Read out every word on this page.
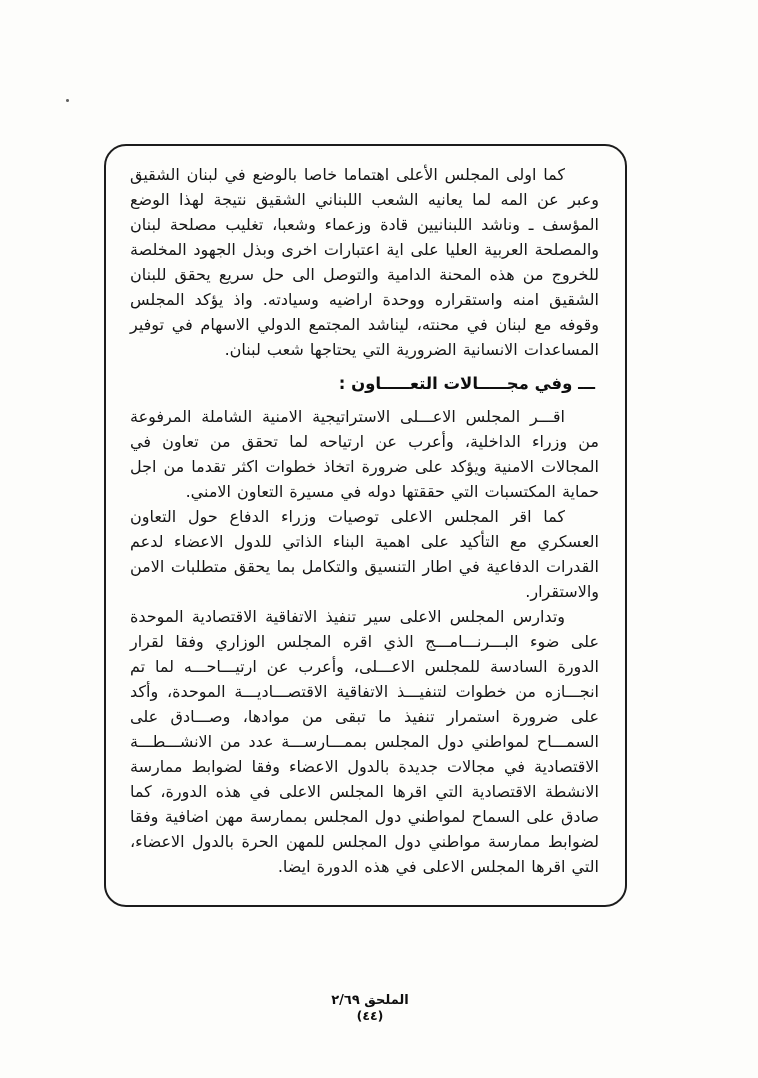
كما اولى المجلس الأعلى اهتماما خاصا بالوضع في لبنان الشقيق وعبر عن المه لما يعانيه الشعب اللبناني الشقيق نتيجة لهذا الوضع المؤسف ـ وناشد اللبنانيين قادة وزعماء وشعبا، تغليب مصلحة لبنان والمصلحة العربية العليا على اية اعتبارات اخرى وبذل الجهود المخلصة للخروج من هذه المحنة الدامية والتوصل الى حل سريع يحقق للبنان الشقيق امنه واستقراره ووحدة اراضيه وسيادته. واذ يؤكد المجلس وقوفه مع لبنان في محنته، ليناشد المجتمع الدولي الاسهام في توفير المساعدات الانسانية الضرورية التي يحتاجها شعب لبنان.

ـــ وفي مجـــــالات التعـــــاون :

اقـــر المجلس الاعـــلى الاستراتيجية الامنية الشاملة المرفوعة من وزراء الداخلية، وأعرب عن ارتياحه لما تحقق من تعاون في المجالات الامنية ويؤكد على ضرورة اتخاذ خطوات اكثر تقدما من اجل حماية المكتسبات التي حققتها دوله في مسيرة التعاون الامني.

كما اقر المجلس الاعلى توصيات وزراء الدفاع حول التعاون العسكري مع التأكيد على اهمية البناء الذاتي للدول الاعضاء لدعم القدرات الدفاعية في اطار التنسيق والتكامل بما يحقق متطلبات الامن والاستقرار.

وتدارس المجلس الاعلى سير تنفيذ الاتفاقية الاقتصادية الموحدة على ضوء البـــرنـــامـــج الذي اقره المجلس الوزاري وفقا لقرار الدورة السادسة للمجلس الاعـــلى، وأعرب عن ارتيـــاحـــه لما تم انجـــازه من خطوات لتنفيـــذ الاتفاقية الاقتصـــاديـــة الموحدة، وأكد على ضرورة استمرار تنفيذ ما تبقى من موادها، وصـــادق على السمـــاح لمواطني دول المجلس بممـــارســـة عدد من الانشـــطـــة الاقتصادية في مجالات جديدة بالدول الاعضاء وفقا لضوابط ممارسة الانشطة الاقتصادية التي اقرها المجلس الاعلى في هذه الدورة، كما صادق على السماح لمواطني دول المجلس بممارسة مهن اضافية وفقا لضوابط ممارسة مواطني دول المجلس للمهن الحرة بالدول الاعضاء، التي اقرها المجلس الاعلى في هذه الدورة ايضا.

الملحق ٢/٦٩
(٤٤)
